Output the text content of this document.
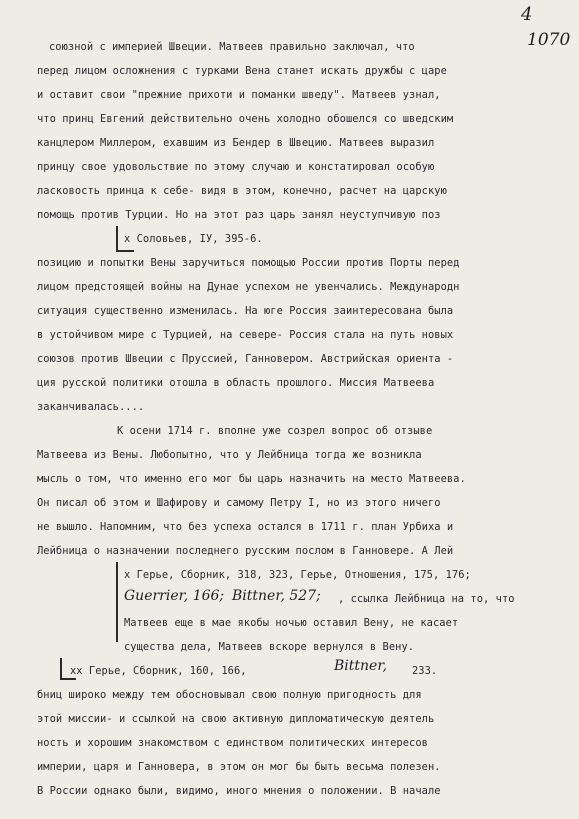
4
1070
союзной с империей Швеции. Матвеев правильно заключал, что
перед лицом осложнения с турками Вена станет искать дружбы с царе
и оставит свои "прежние прихоти и поманки шведу". Матвеев узнал,
что принц Евгений действительно очень холодно обошелся со шведским
канцлером Миллером, ехавшим из Бендер в Швецию. Матвеев выразил
принцу свое удовольствие по этому случаю и констатировал особую
ласковость принца к себе- видя в этом, конечно, расчет на царскую
помощь против Турции. Но на этот раз царь занял неуступчивую поз
х Соловьев, IУ, 395-6.
позицию и попытки Вены заручиться помощью России против Порты перед
лицом предстоящей войны на Дунае успехом не увенчались. Международн
ситуация существенно изменилась. На юге Россия заинтересована была
в устойчивом мире с Турцией, на севере- Россия стала на путь новых
союзов против Швеции с Пруссией, Ганновером. Австрийская ориента -
ция русской политики отошла в область прошлого. Миссия Матвеева
заканчивалась....
К осени 1714 г. вполне уже созрел вопрос об отзыве
Матвеева из Вены. Любопытно, что у Лейбница тогда же возникла
мысль о том, что именно его мог бы царь назначить на место Матвеева.
Он писал об этом и Шафирову и самому Петру I, но из этого ничего
не вышло. Напомним, что без успеха остался в 1711 г. план Урбиха и
Лейбница о назначении последнего русским послом в Ганновере. А Лей
х Герье, Сборник, 318, 323, Герье, Отношения, 175, 176;
Guerrier, 166; Bittner, 527; , ссылка Лейбница на то, что
Матвеев еще в мае якобы ночью оставил Вену, не касает
существа дела, Матвеев вскоре вернулся в Вену.
хх Герье, Сборник, 160, 166,	Bittner, 233.
бниц широко между тем обосновывал свою полную пригодность для
этой миссии- и ссылкой на свою активную дипломатическую деятель
ность и хорошим знакомством с единством политических интересов
империи, царя и Ганновера, в этом он мог бы быть весьма полезен.
В России однако были, видимо, иного мнения о положении. В начале
